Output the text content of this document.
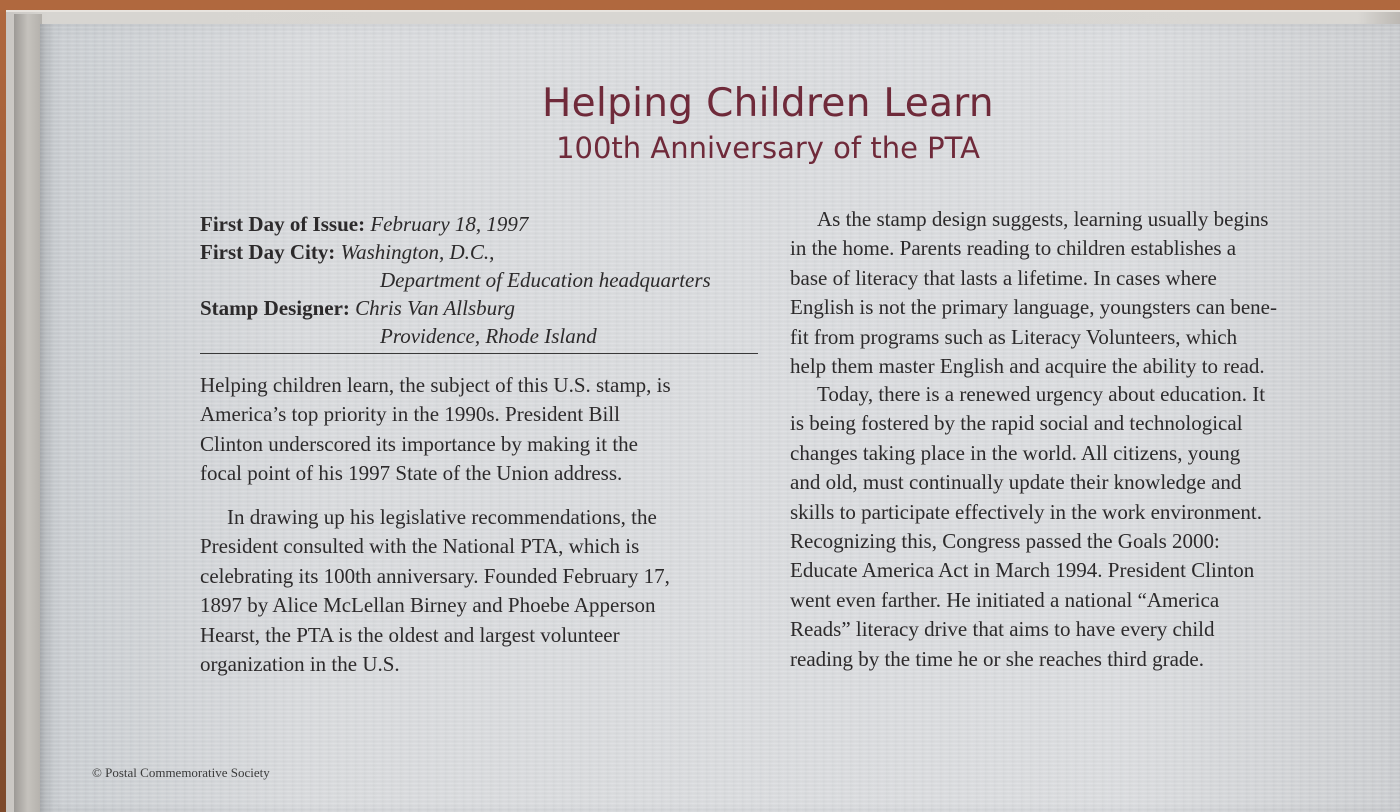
Helping Children Learn
100th Anniversary of the PTA
First Day of Issue: February 18, 1997
First Day City: Washington, D.C.,
Department of Education headquarters
Stamp Designer: Chris Van Allsburg
Providence, Rhode Island
Helping children learn, the subject of this U.S. stamp, is
America’s top priority in the 1990s. President Bill
Clinton underscored its importance by making it the
focal point of his 1997 State of the Union address.
In drawing up his legislative recommendations, the
President consulted with the National PTA, which is
celebrating its 100th anniversary. Founded February 17,
1897 by Alice McLellan Birney and Phoebe Apperson
Hearst, the PTA is the oldest and largest volunteer
organization in the U.S.
As the stamp design suggests, learning usually begins
in the home. Parents reading to children establishes a
base of literacy that lasts a lifetime. In cases where
English is not the primary language, youngsters can bene-
fit from programs such as Literacy Volunteers, which
help them master English and acquire the ability to read.
Today, there is a renewed urgency about education. It
is being fostered by the rapid social and technological
changes taking place in the world. All citizens, young
and old, must continually update their knowledge and
skills to participate effectively in the work environment.
Recognizing this, Congress passed the Goals 2000:
Educate America Act in March 1994. President Clinton
went even farther. He initiated a national “America
Reads” literacy drive that aims to have every child
reading by the time he or she reaches third grade.
© Postal Commemorative Society
